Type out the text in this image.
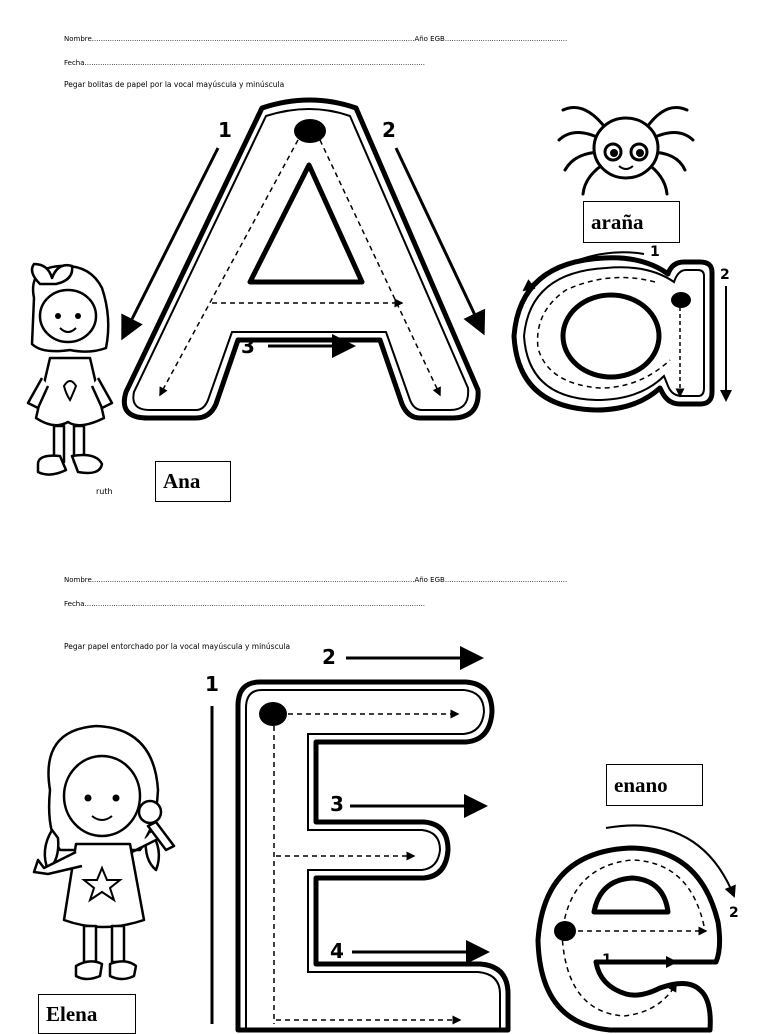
Nombre.................................................................................................................................................Año EGB.......................................................
Fecha.........................................................................................................................................................
Pegar bolitas de papel por la vocal mayúscula y minúscula
1	2
3
1
2
araña
ruth	Ana
Nombre.................................................................................................................................................Año EGB.......................................................
Fecha.........................................................................................................................................................
Pegar papel entorchado por la vocal mayúscula y minúscula
1
2
3
4	1
2
enano
Elena
